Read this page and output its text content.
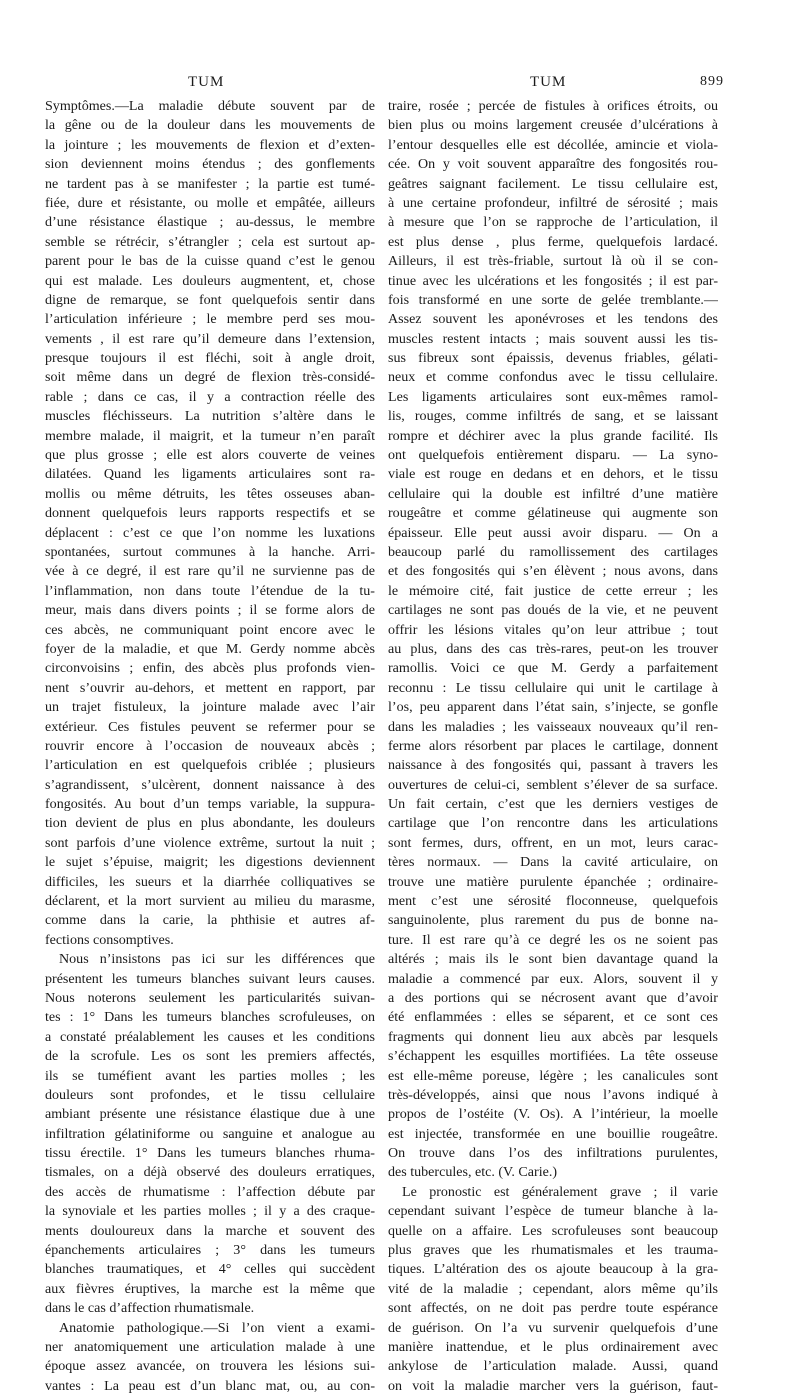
TUM	TUM	899
Symptômes.—La maladie débute souvent par de
la gêne ou de la douleur dans les mouvements de
la jointure ; les mouvements de flexion et d’exten-
sion deviennent moins étendus ; des gonflements
ne tardent pas à se manifester ; la partie est tumé-
fiée, dure et résistante, ou molle et empâtée, ailleurs
d’une résistance élastique ; au-dessus, le membre
semble se rétrécir, s’étrangler ; cela est surtout ap-
parent pour le bas de la cuisse quand c’est le genou
qui est malade. Les douleurs augmentent, et, chose
digne de remarque, se font quelquefois sentir dans
l’articulation inférieure ; le membre perd ses mou-
vements , il est rare qu’il demeure dans l’extension,
presque toujours il est fléchi, soit à angle droit,
soit même dans un degré de flexion très-considé-
rable ; dans ce cas, il y a contraction réelle des
muscles fléchisseurs. La nutrition s’altère dans le
membre malade, il maigrit, et la tumeur n’en paraît
que plus grosse ; elle est alors couverte de veines
dilatées. Quand les ligaments articulaires sont ra-
mollis ou même détruits, les têtes osseuses aban-
donnent quelquefois leurs rapports respectifs et se
déplacent : c’est ce que l’on nomme les luxations
spontanées, surtout communes à la hanche. Arri-
vée à ce degré, il est rare qu’il ne survienne pas de
l’inflammation, non dans toute l’étendue de la tu-
meur, mais dans divers points ; il se forme alors de
ces abcès, ne communiquant point encore avec le
foyer de la maladie, et que M. Gerdy nomme abcès
circonvoisins ; enfin, des abcès plus profonds vien-
nent s’ouvrir au-dehors, et mettent en rapport, par
un trajet fistuleux, la jointure malade avec l’air
extérieur. Ces fistules peuvent se refermer pour se
rouvrir encore à l’occasion de nouveaux abcès ;
l’articulation en est quelquefois criblée ; plusieurs
s’agrandissent, s’ulcèrent, donnent naissance à des
fongosités. Au bout d’un temps variable, la suppura-
tion devient de plus en plus abondante, les douleurs
sont parfois d’une violence extrême, surtout la nuit ;
le sujet s’épuise, maigrit; les digestions deviennent
difficiles, les sueurs et la diarrhée colliquatives se
déclarent, et la mort survient au milieu du marasme,
comme dans la carie, la phthisie et autres af-
fections consomptives.
Nous n’insistons pas ici sur les différences que
présentent les tumeurs blanches suivant leurs causes.
Nous noterons seulement les particularités suivan-
tes : 1° Dans les tumeurs blanches scrofuleuses, on
a constaté préalablement les causes et les conditions
de la scrofule. Les os sont les premiers affectés,
ils se tuméfient avant les parties molles ; les
douleurs sont profondes, et le tissu cellulaire
ambiant présente une résistance élastique due à une
infiltration gélatiniforme ou sanguine et analogue au
tissu érectile. 1° Dans les tumeurs blanches rhuma-
tismales, on a déjà observé des douleurs erratiques,
des accès de rhumatisme : l’affection débute par
la synoviale et les parties molles ; il y a des craque-
ments douloureux dans la marche et souvent des
épanchements articulaires ; 3° dans les tumeurs
blanches traumatiques, et 4° celles qui succèdent
aux fièvres éruptives, la marche est la même que
dans le cas d’affection rhumatismale.
Anatomie pathologique.—Si l’on vient a exami-
ner anatomiquement une articulation malade à une
époque assez avancée, on trouvera les lésions sui-
vantes : La peau est d’un blanc mat, ou, au con-
traire, rosée ; percée de fistules à orifices étroits, ou
bien plus ou moins largement creusée d’ulcérations à
l’entour desquelles elle est décollée, amincie et viola-
cée. On y voit souvent apparaître des fongosités rou-
geâtres saignant facilement. Le tissu cellulaire est,
à une certaine profondeur, infiltré de sérosité ; mais
à mesure que l’on se rapproche de l’articulation, il
est plus dense , plus ferme, quelquefois lardacé.
Ailleurs, il est très-friable, surtout là où il se con-
tinue avec les ulcérations et les fongosités ; il est par-
fois transformé en une sorte de gelée tremblante.—
Assez souvent les aponévroses et les tendons des
muscles restent intacts ; mais souvent aussi les tis-
sus fibreux sont épaissis, devenus friables, gélati-
neux et comme confondus avec le tissu cellulaire.
Les ligaments articulaires sont eux-mêmes ramol-
lis, rouges, comme infiltrés de sang, et se laissant
rompre et déchirer avec la plus grande facilité. Ils
ont quelquefois entièrement disparu. — La syno-
viale est rouge en dedans et en dehors, et le tissu
cellulaire qui la double est infiltré d’une matière
rougeâtre et comme gélatineuse qui augmente son
épaisseur. Elle peut aussi avoir disparu. — On a
beaucoup parlé du ramollissement des cartilages
et des fongosités qui s’en élèvent ; nous avons, dans
le mémoire cité, fait justice de cette erreur ; les
cartilages ne sont pas doués de la vie, et ne peuvent
offrir les lésions vitales qu’on leur attribue ; tout
au plus, dans des cas très-rares, peut-on les trouver
ramollis. Voici ce que M. Gerdy a parfaitement
reconnu : Le tissu cellulaire qui unit le cartilage à
l’os, peu apparent dans l’état sain, s’injecte, se gonfle
dans les maladies ; les vaisseaux nouveaux qu’il ren-
ferme alors résorbent par places le cartilage, donnent
naissance à des fongosités qui, passant à travers les
ouvertures de celui-ci, semblent s’élever de sa surface.
Un fait certain, c’est que les derniers vestiges de
cartilage que l’on rencontre dans les articulations
sont fermes, durs, offrent, en un mot, leurs carac-
tères normaux. — Dans la cavité articulaire, on
trouve une matière purulente épanchée ; ordinaire-
ment c’est une sérosité floconneuse, quelquefois
sanguinolente, plus rarement du pus de bonne na-
ture. Il est rare qu’à ce degré les os ne soient pas
altérés ; mais ils le sont bien davantage quand la
maladie a commencé par eux. Alors, souvent il y
a des portions qui se nécrosent avant que d’avoir
été enflammées : elles se séparent, et ce sont ces
fragments qui donnent lieu aux abcès par lesquels
s’échappent les esquilles mortifiées. La tête osseuse
est elle-même poreuse, légère ; les canalicules sont
très-développés, ainsi que nous l’avons indiqué à
propos de l’ostéite (V. Os). A l’intérieur, la moelle
est injectée, transformée en une bouillie rougeâtre.
On trouve dans l’os des infiltrations purulentes,
des tubercules, etc. (V. Carie.)
Le pronostic est généralement grave ; il varie
cependant suivant l’espèce de tumeur blanche à la-
quelle on a affaire. Les scrofuleuses sont beaucoup
plus graves que les rhumatismales et les trauma-
tiques. L’altération des os ajoute beaucoup à la gra-
vité de la maladie ; cependant, alors même qu’ils
sont affectés, on ne doit pas perdre toute espérance
de guérison. On l’a vu survenir quelquefois d’une
manière inattendue, et le plus ordinairement avec
ankylose de l’articulation malade. Aussi, quand
on voit la maladie marcher vers la guérison, faut-
